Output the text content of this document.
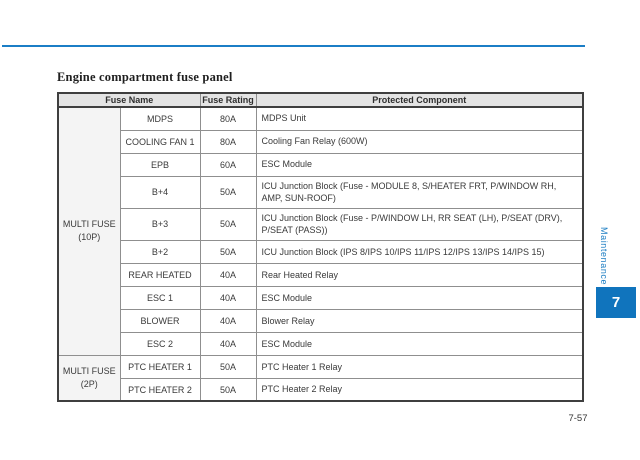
Engine compartment fuse panel
Fuse Name		Fuse Rating	Protected Component
MULTI FUSE (10P)	MDPS	80A	MDPS Unit
	COOLING FAN 1	80A	Cooling Fan Relay (600W)
	EPB	60A	ESC Module
	B+4	50A	ICU Junction Block (Fuse - MODULE 8, S/HEATER FRT, P/WINDOW RH, AMP, SUN-ROOF)
	B+3	50A	ICU Junction Block (Fuse - P/WINDOW LH, RR SEAT (LH), P/SEAT (DRV), P/SEAT (PASS))
	B+2	50A	ICU Junction Block (IPS 8/IPS 10/IPS 11/IPS 12/IPS 13/IPS 14/IPS 15)
	REAR HEATED	40A	Rear Heated Relay
	ESC 1	40A	ESC Module
	BLOWER	40A	Blower Relay
	ESC 2	40A	ESC Module
MULTI FUSE (2P)	PTC HEATER 1	50A	PTC Heater 1 Relay
	PTC HEATER 2	50A	PTC Heater 2 Relay
Maintenance
7
7-57
